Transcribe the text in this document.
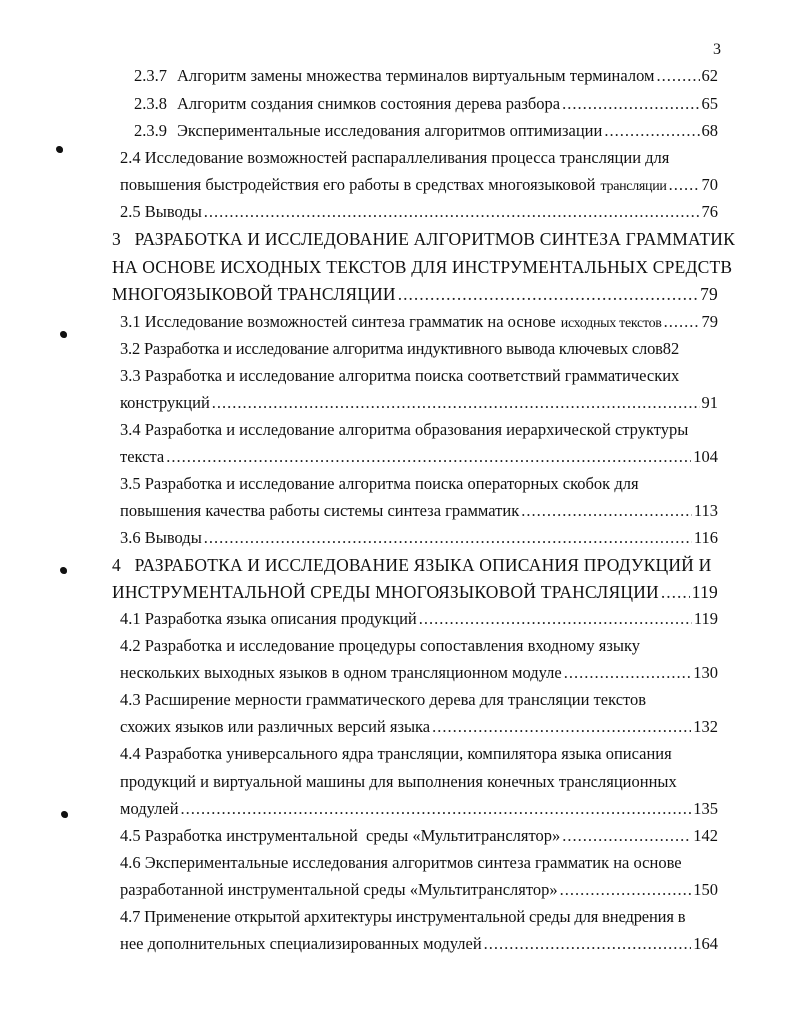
3
2.3.7 Алгоритм замены множества терминалов виртуальным терминалом .....	62
2.3.8 Алгоритм создания снимков состояния дерева разбора .....	65
2.3.9 Экспериментальные исследования алгоритмов оптимизации .....	68
2.4 Исследование возможностей распараллеливания процесса трансляции для
повышения быстродействия его работы в средствах многоязыковой трансляции ..... 70
2.5 Выводы .....	76
3   РАЗРАБОТКА И ИССЛЕДОВАНИЕ АЛГОРИТМОВ СИНТЕЗА ГРАММАТИК
НА ОСНОВЕ ИСХОДНЫХ ТЕКСТОВ ДЛЯ ИНСТРУМЕНТАЛЬНЫХ СРЕДСТВ
МНОГОЯЗЫКОВОЙ ТРАНСЛЯЦИИ .....	79
3.1 Исследование возможностей синтеза грамматик на основе исходных текстов ..... 79
3.2 Разработка и исследование алгоритма индуктивного вывода ключевых слов 82
3.3 Разработка и исследование алгоритма поиска соответствий грамматических
конструкций .....	91
3.4 Разработка и исследование алгоритма образования иерархической структуры
текста .....	104
3.5 Разработка и исследование алгоритма поиска операторных скобок для
повышения качества работы системы синтеза грамматик .....	113
3.6 Выводы .....	116
4   РАЗРАБОТКА И ИССЛЕДОВАНИЕ ЯЗЫКА ОПИСАНИЯ ПРОДУКЦИЙ И
ИНСТРУМЕНТАЛЬНОЙ СРЕДЫ МНОГОЯЗЫКОВОЙ ТРАНСЛЯЦИИ ..... 119
4.1 Разработка языка описания продукций .....	119
4.2 Разработка и исследование процедуры сопоставления входному языку
нескольких выходных языков в одном трансляционном модуле .....	130
4.3 Расширение мерности грамматического дерева для трансляции текстов
схожих языков или различных версий языка .....	132
4.4 Разработка универсального ядра трансляции, компилятора языка описания
продукций и виртуальной машины для выполнения конечных трансляционных
модулей .....	135
4.5 Разработка инструментальной  среды «Мультитранслятор» .....	142
4.6 Экспериментальные исследования алгоритмов синтеза грамматик на основе
разработанной инструментальной среды «Мультитранслятор» .....	150
4.7 Применение открытой архитектуры инструментальной среды для внедрения в
нее дополнительных специализированных модулей .....	164
